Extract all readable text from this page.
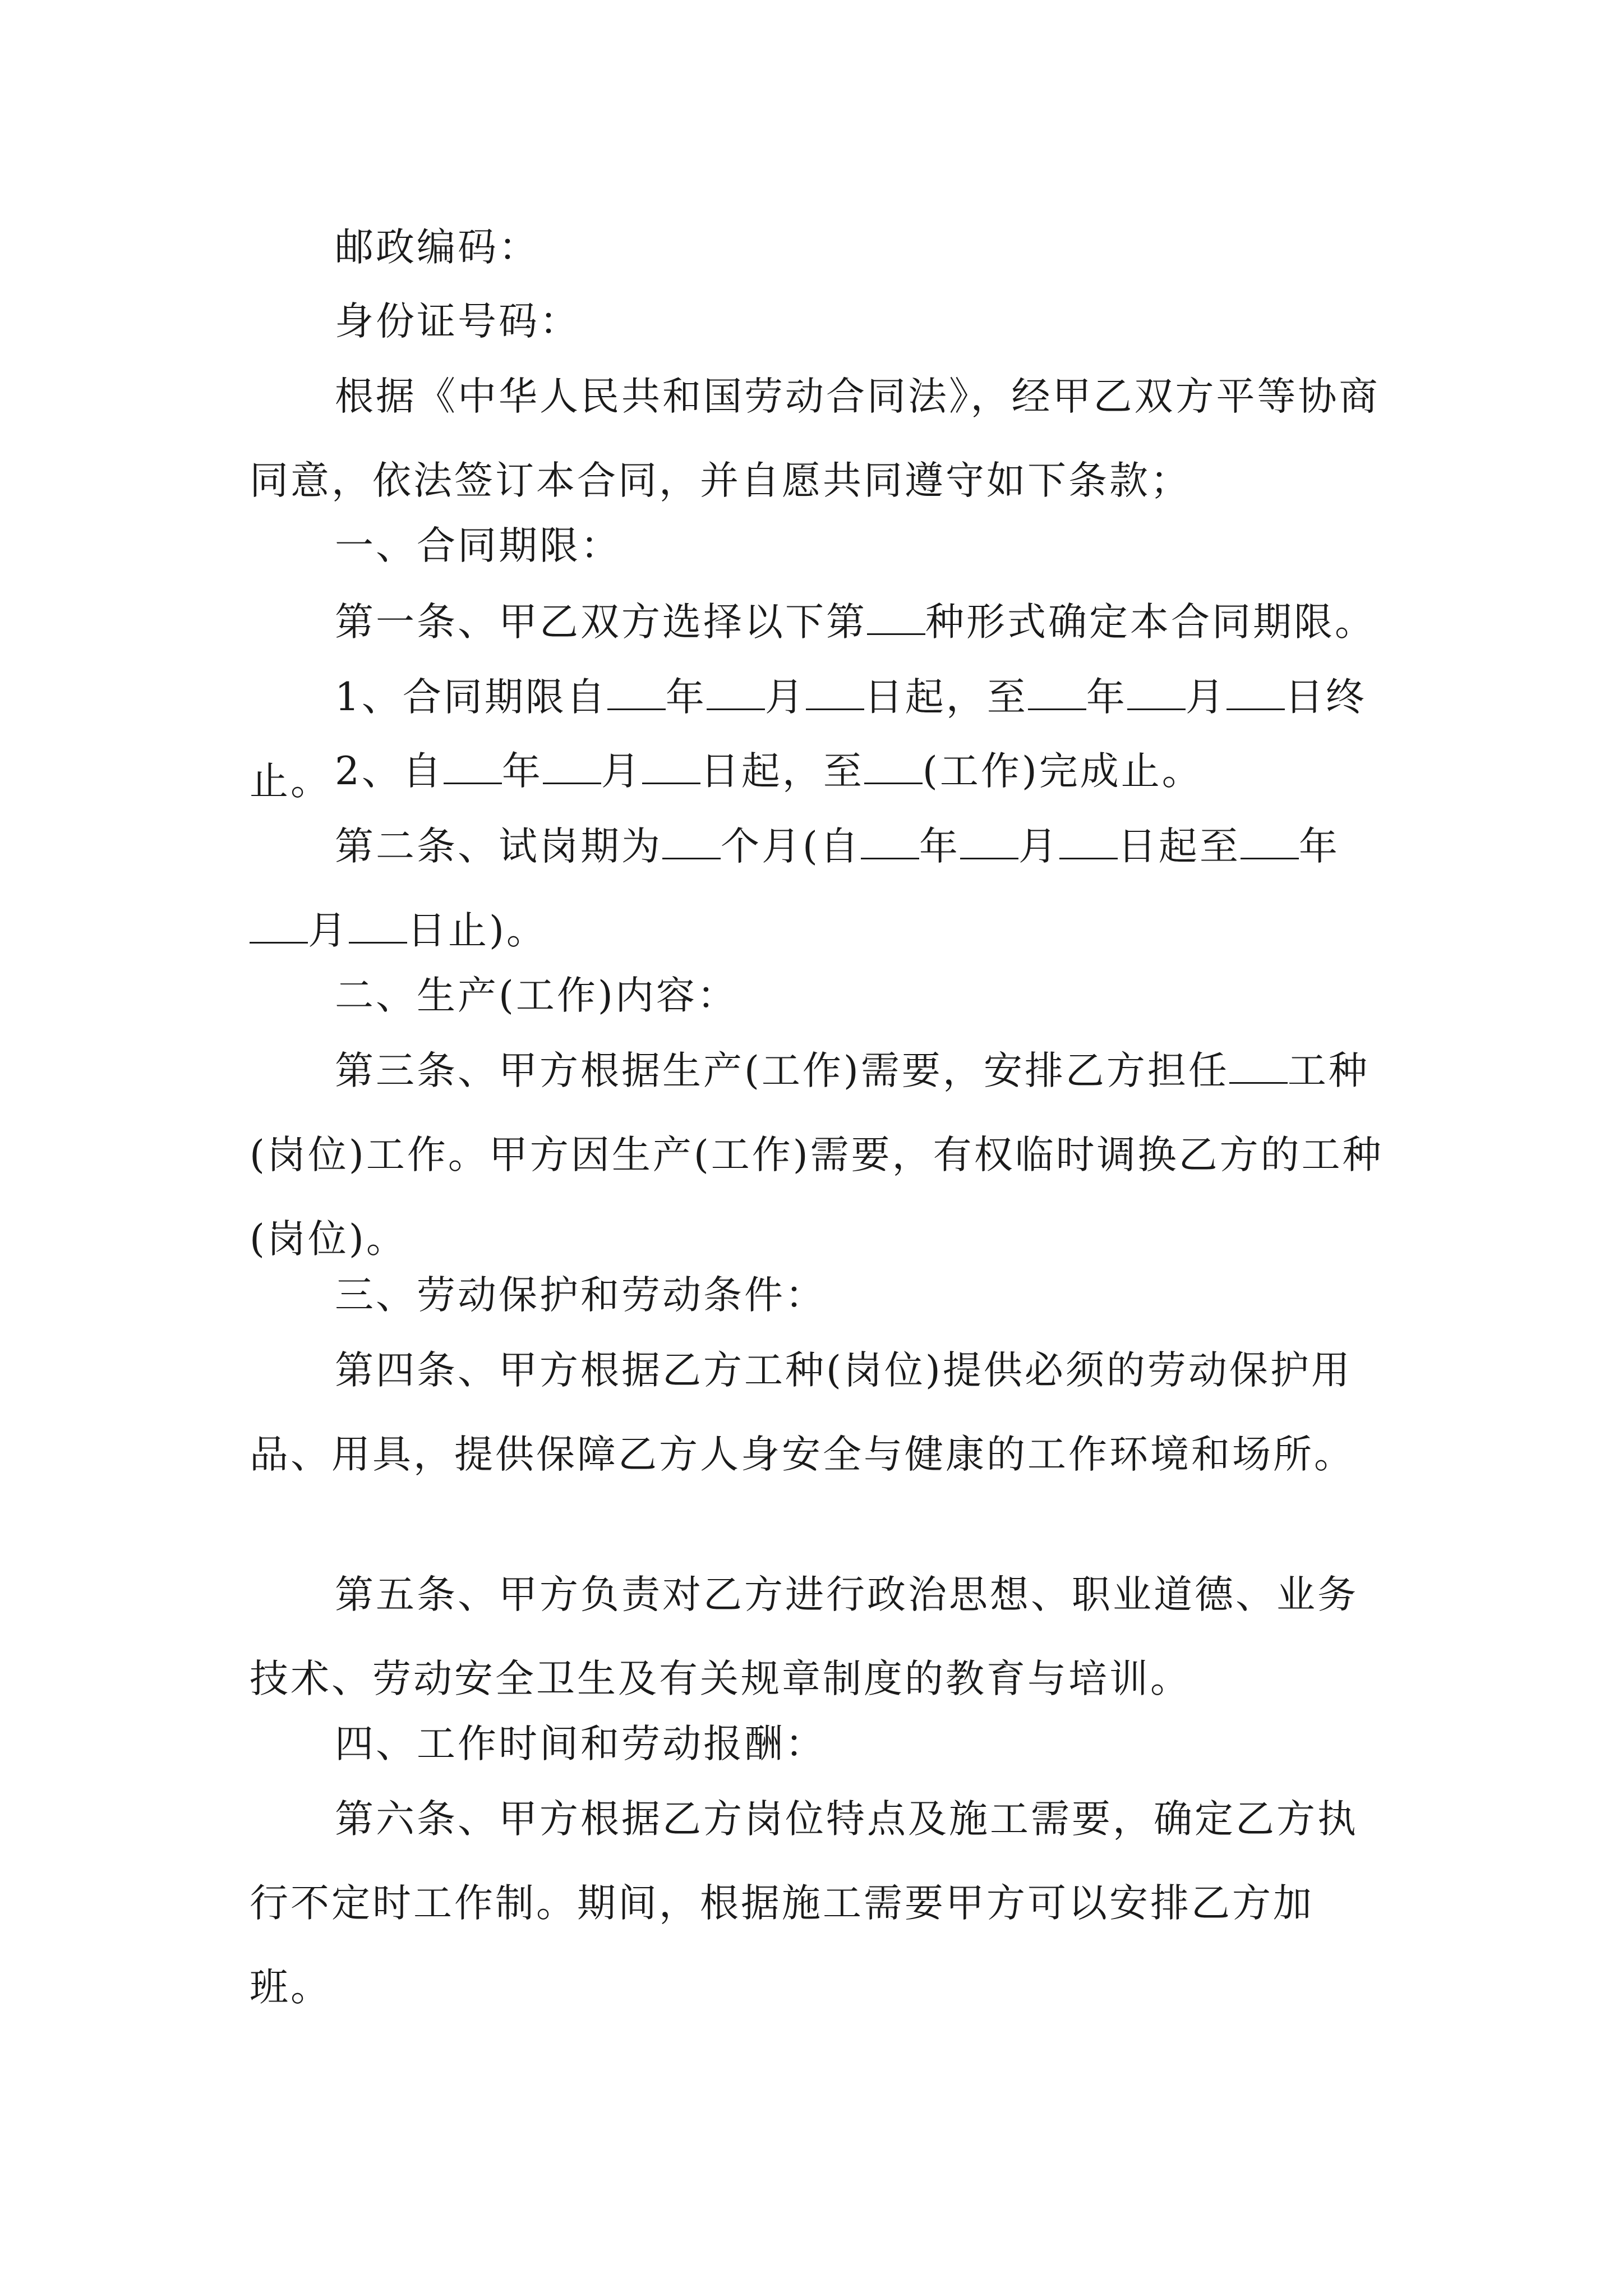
邮政编码：

身份证号码：

根据《中华人民共和国劳动合同法》，经甲乙双方平等协商同意，依法签订本合同，并自愿共同遵守如下条款；

一、合同期限：

第一条、甲乙双方选择以下第 种形式确定本合同期限。

1、合同期限自 年 月 日起，至 年 月 日终止。 2、自 年 月 日起，至 (工作)完成止。

第二条、试岗期为 个月(自 年 月 日起至 年月 日止)。

二、生产(工作)内容：

第三条、甲方根据生产(工作)需要，安排乙方担任 工种(岗位)工作。甲方因生产(工作)需要，有权临时调换乙方的工种(岗位)。

三、劳动保护和劳动条件：

第四条、甲方根据乙方工种(岗位)提供必须的劳动保护用品、用具，提供保障乙方人身安全与健康的工作环境和场所。

第五条、甲方负责对乙方进行政治思想、职业道德、业务技术、劳动安全卫生及有关规章制度的教育与培训。

四、工作时间和劳动报酬：

第六条、甲方根据乙方岗位特点及施工需要，确定乙方执行不定时工作制。期间，根据施工需要甲方可以安排乙方加班。
